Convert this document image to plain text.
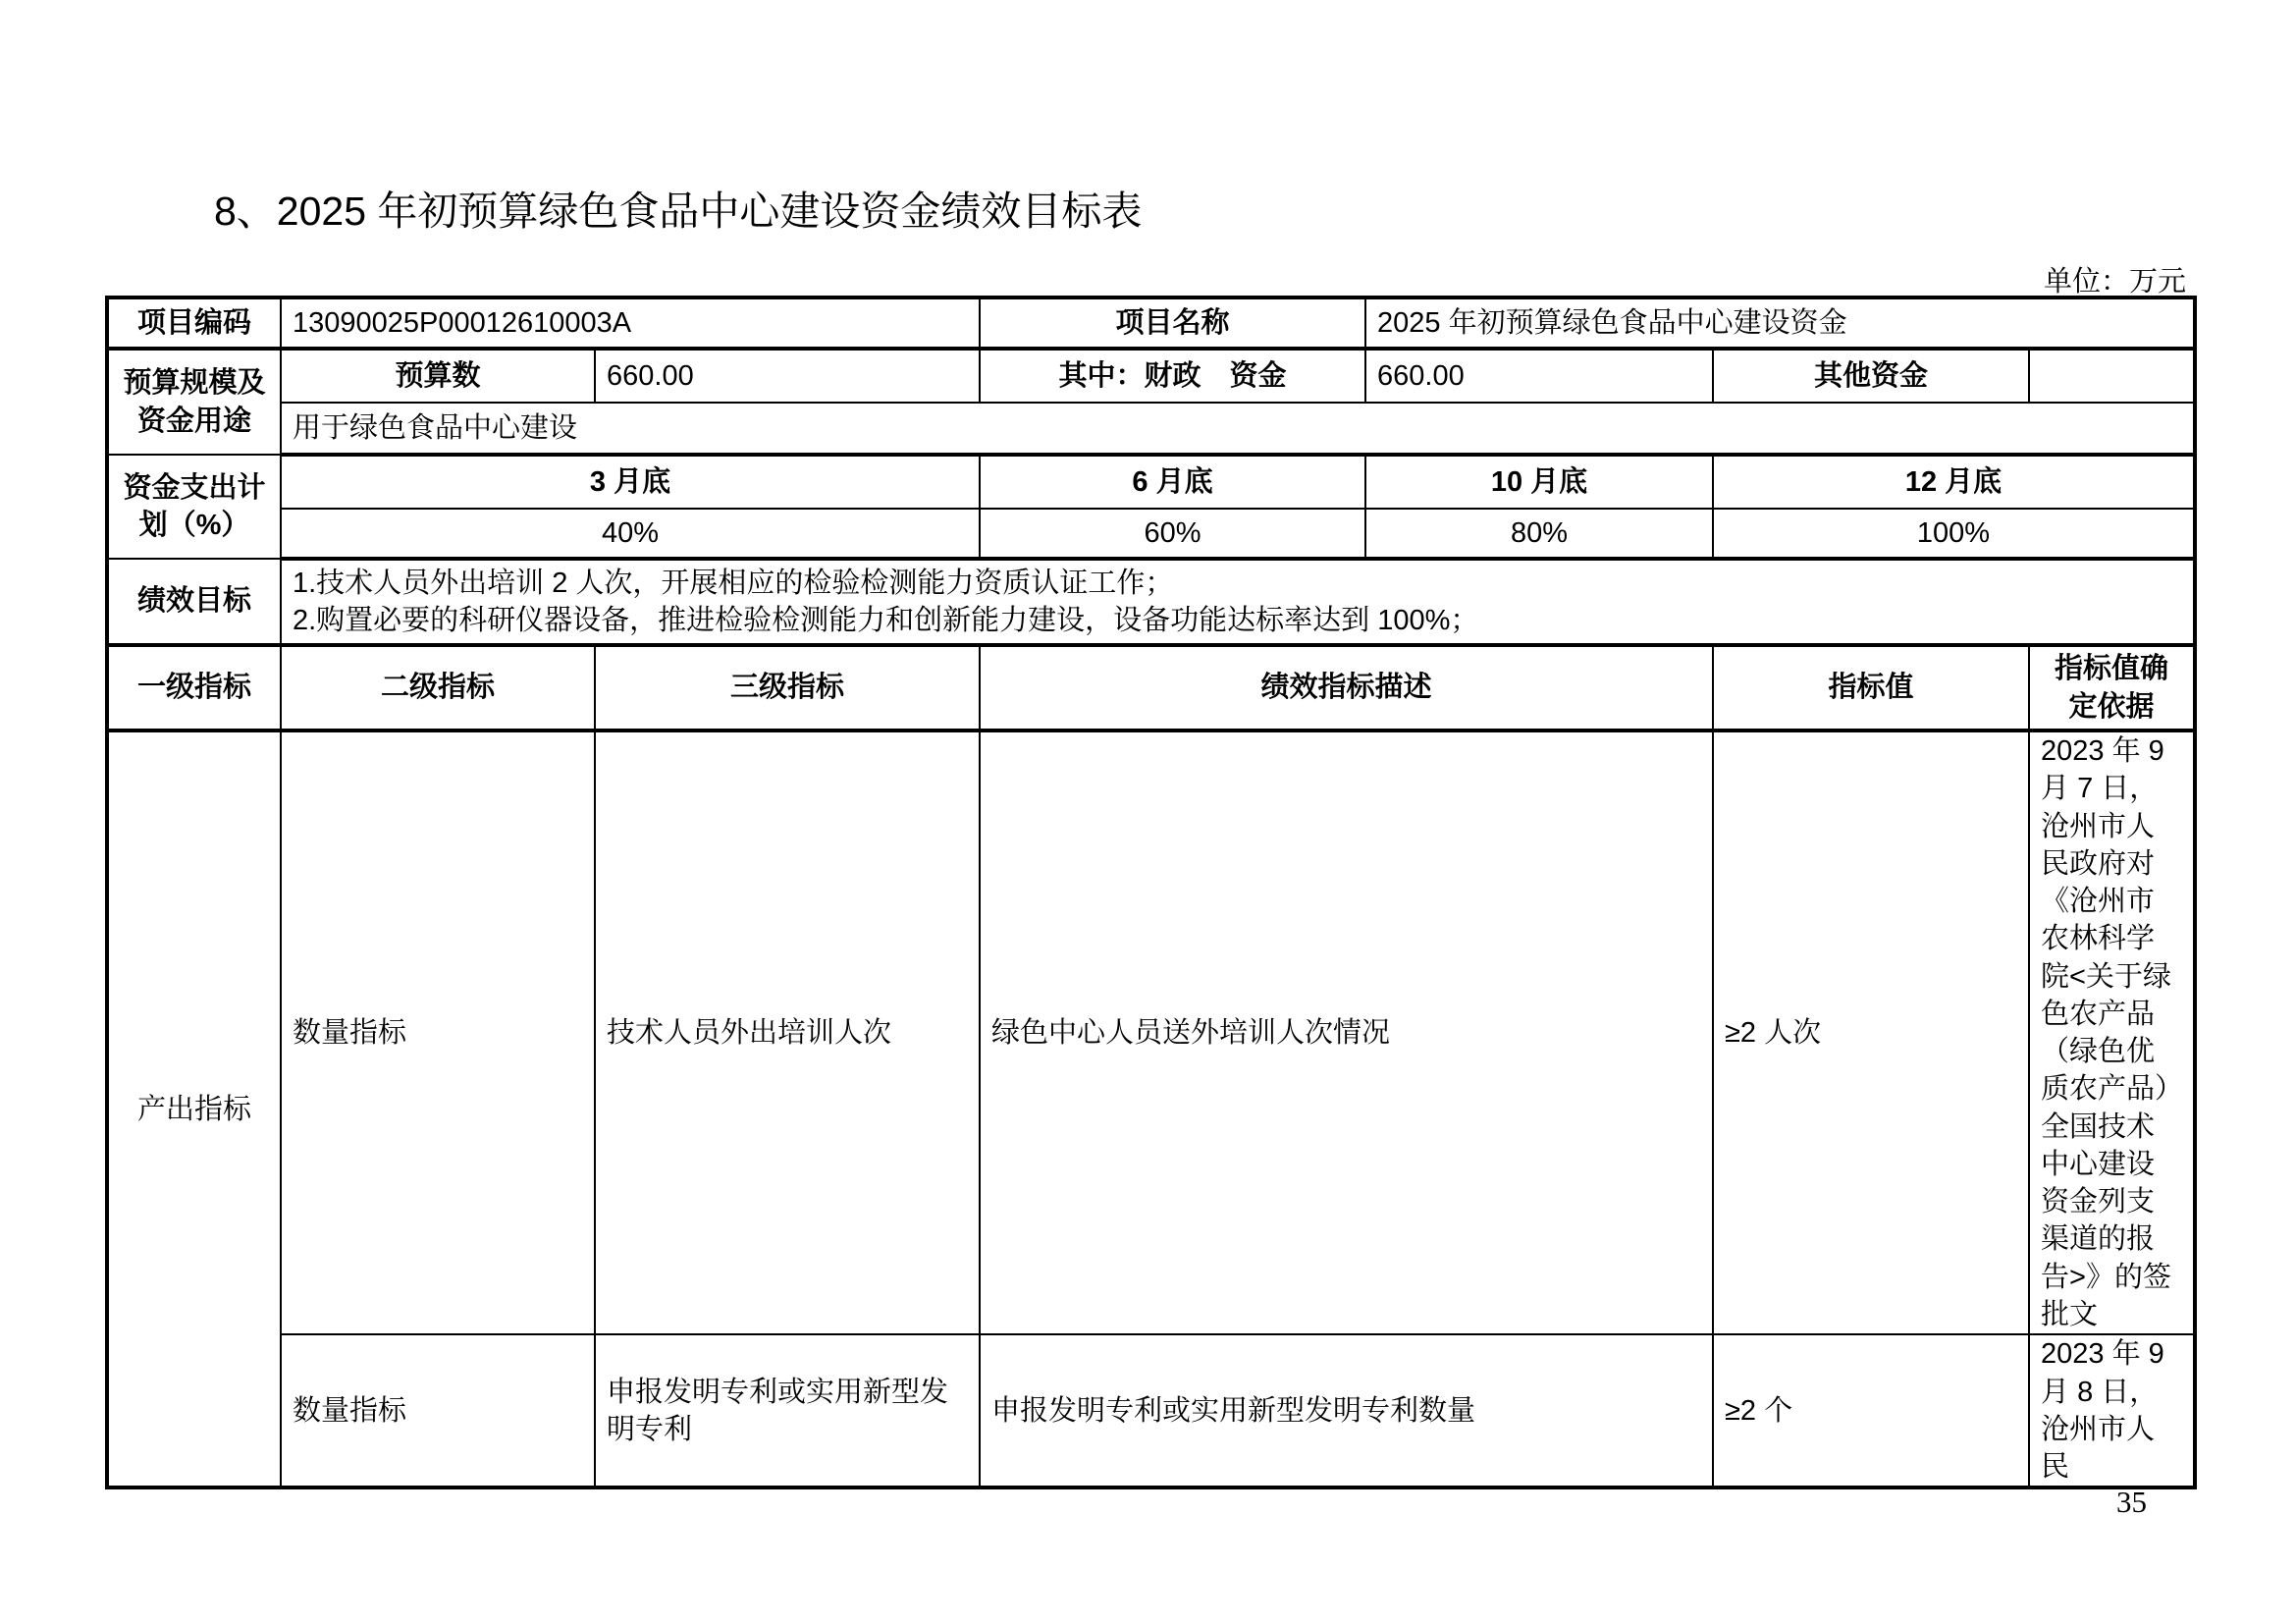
8、2025 年初预算绿色食品中心建设资金绩效目标表
单位：万元
项目编码	13090025P00012610003A		项目名称	2025 年初预算绿色食品中心建设资金		
预算规模及资金用途	预算数	660.00	其中：财政　资金	660.00	其他资金	
	用于绿色食品中心建设					
资金支出计划（%）	3 月底		6 月底	10 月底	12 月底	
	40%		60%	80%	100%	
绩效目标	1.技术人员外出培训 2 人次，开展相应的检验检测能力资质认证工作；
2.购置必要的科研仪器设备，推进检验检测能力和创新能力建设，设备功能达标率达到 100%；					

一级指标	二级指标	三级指标	绩效指标描述		指标值	指标值确定依据
产出指标	数量指标	技术人员外出培训人次	绿色中心人员送外培训人次情况		≥2 人次	2023 年 9 月 7 日，沧州市人民政府对《沧州市农林科学院<关于绿色农产品（绿色优质农产品）全国技术中心建设资金列支渠道的报告>》的签批文
	数量指标	申报发明专利或实用新型发明专利	申报发明专利或实用新型发明专利数量		≥2 个	2023 年 9 月 8 日，沧州市人民
35
